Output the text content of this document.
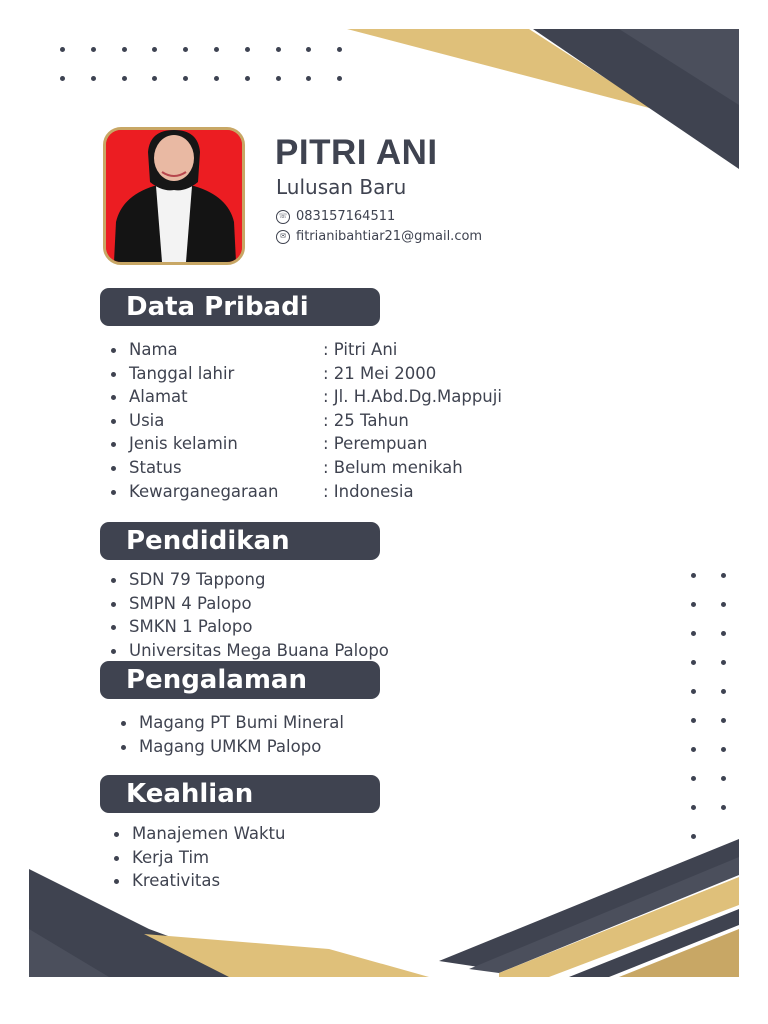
PITRI ANI
Lulusan Baru
☏ 083157164511
✉ fitrianibahtiar21@gmail.com
Data Pribadi
Nama	: Pitri Ani
Tanggal lahir	: 21 Mei 2000
Alamat	: Jl. H.Abd.Dg.Mappuji
Usia	: 25 Tahun
Jenis kelamin	: Perempuan
Status	: Belum menikah
Kewarganegaraan	: Indonesia
Pendidikan
SDN 79 Tappong
SMPN 4 Palopo
SMKN 1 Palopo
Universitas Mega Buana Palopo
Pengalaman
Magang PT Bumi Mineral
Magang UMKM Palopo
Keahlian
Manajemen Waktu
Kerja Tim
Kreativitas
